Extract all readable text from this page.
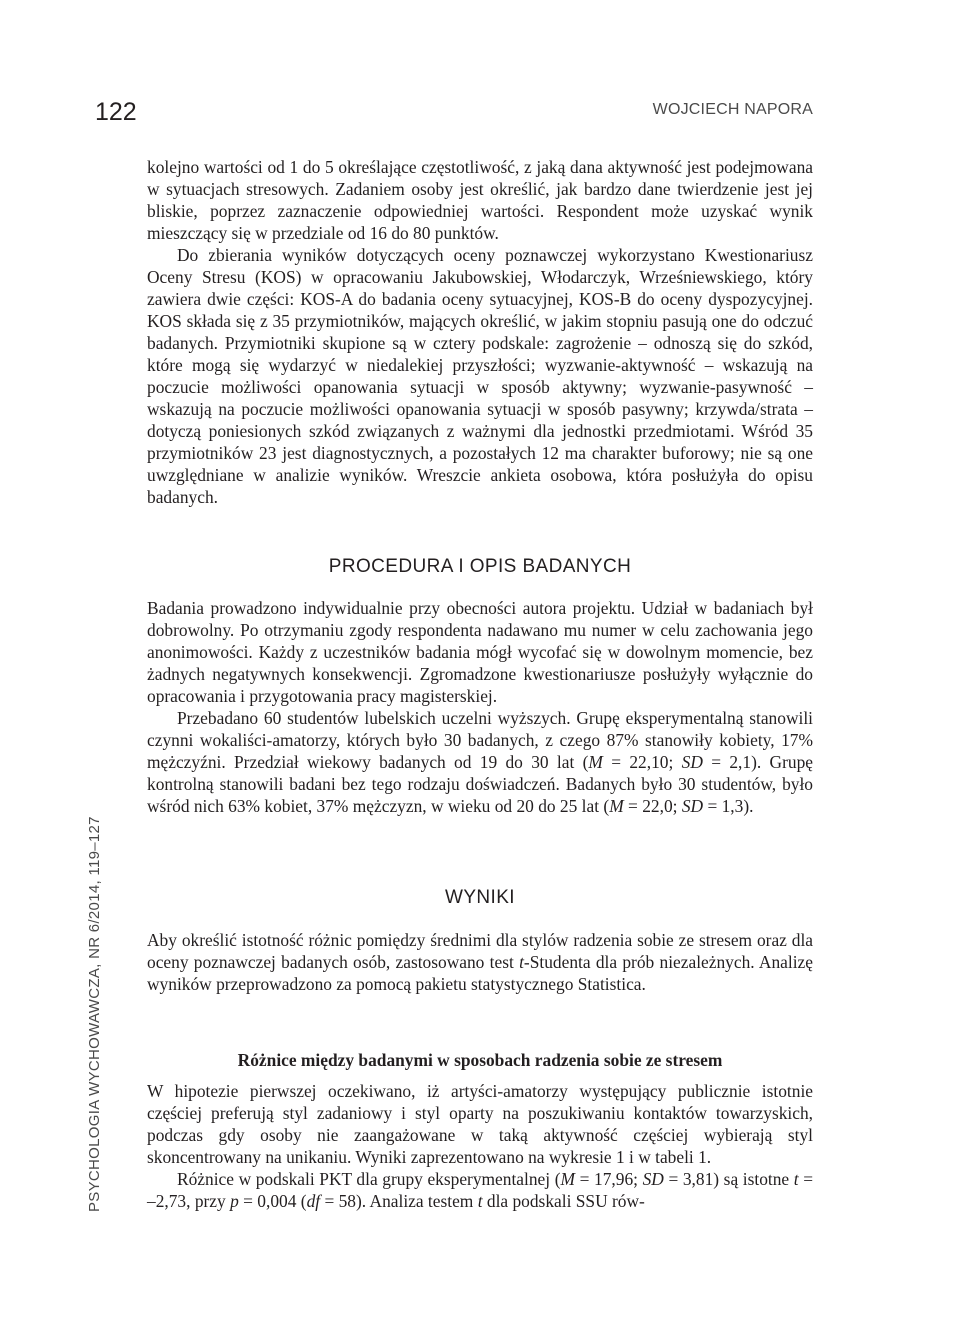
122	WOJCIECH NAPORA
PSYCHOLOGIA WYCHOWAWCZA, NR 6/2014, 119–127

kolejno wartości od 1 do 5 określające częstotliwość, z jaką dana aktywność jest podejmowana w sytuacjach stresowych. Zadaniem osoby jest określić, jak bardzo dane twierdzenie jest jej bliskie, poprzez zaznaczenie odpowiedniej wartości. Respondent może uzyskać wynik mieszczący się w przedziale od 16 do 80 punktów.

Do zbierania wyników dotyczących oceny poznawczej wykorzystano Kwestionariusz Oceny Stresu (KOS) w opracowaniu Jakubowskiej, Włodarczyk, Wrześniewskiego, który zawiera dwie części: KOS-A do badania oceny sytuacyjnej, KOS-B do oceny dyspozycyjnej. KOS składa się z 35 przymiotników, mających określić, w jakim stopniu pasują one do odczuć badanych. Przymiotniki skupione są w cztery podskale: zagrożenie – odnoszą się do szkód, które mogą się wydarzyć w niedalekiej przyszłości; wyzwanie-aktywność – wskazują na poczucie możliwości opanowania sytuacji w sposób aktywny; wyzwanie-pasywność – wskazują na poczucie możliwości opanowania sytuacji w sposób pasywny; krzywda/strata – dotyczą poniesionych szkód związanych z ważnymi dla jednostki przedmiotami. Wśród 35 przymiotników 23 jest diagnostycznych, a pozostałych 12 ma charakter buforowy; nie są one uwzględniane w analizie wyników. Wreszcie ankieta osobowa, która posłużyła do opisu badanych.

PROCEDURA I OPIS BADANYCH

Badania prowadzono indywidualnie przy obecności autora projektu. Udział w badaniach był dobrowolny. Po otrzymaniu zgody respondenta nadawano mu numer w celu zachowania jego anonimowości. Każdy z uczestników badania mógł wycofać się w dowolnym momencie, bez żadnych negatywnych konsekwencji. Zgromadzone kwestionariusze posłużyły wyłącznie do opracowania i przygotowania pracy magisterskiej.

Przebadano 60 studentów lubelskich uczelni wyższych. Grupę eksperymentalną stanowili czynni wokaliści-amatorzy, których było 30 badanych, z czego 87% stanowiły kobiety, 17% mężczyźni. Przedział wiekowy badanych od 19 do 30 lat (M = 22,10; SD = 2,1). Grupę kontrolną stanowili badani bez tego rodzaju doświadczeń. Badanych było 30 studentów, było wśród nich 63% kobiet, 37% mężczyzn, w wieku od 20 do 25 lat (M = 22,0; SD = 1,3).

WYNIKI

Aby określić istotność różnic pomiędzy średnimi dla stylów radzenia sobie ze stresem oraz dla oceny poznawczej badanych osób, zastosowano test t-Studenta dla prób niezależnych. Analizę wyników przeprowadzono za pomocą pakietu statystycznego Statistica.

Różnice między badanymi w sposobach radzenia sobie ze stresem

W hipotezie pierwszej oczekiwano, iż artyści-amatorzy występujący publicznie istotnie częściej preferują styl zadaniowy i styl oparty na poszukiwaniu kontaktów towarzyskich, podczas gdy osoby nie zaangażowane w taką aktywność częściej wybierają styl skoncentrowany na unikaniu. Wyniki zaprezentowano na wykresie 1 i w tabeli 1.

Różnice w podskali PKT dla grupy eksperymentalnej (M = 17,96; SD = 3,81) są istotne t = –2,73, przy p = 0,004 (df = 58). Analiza testem t dla podskali SSU rów-
